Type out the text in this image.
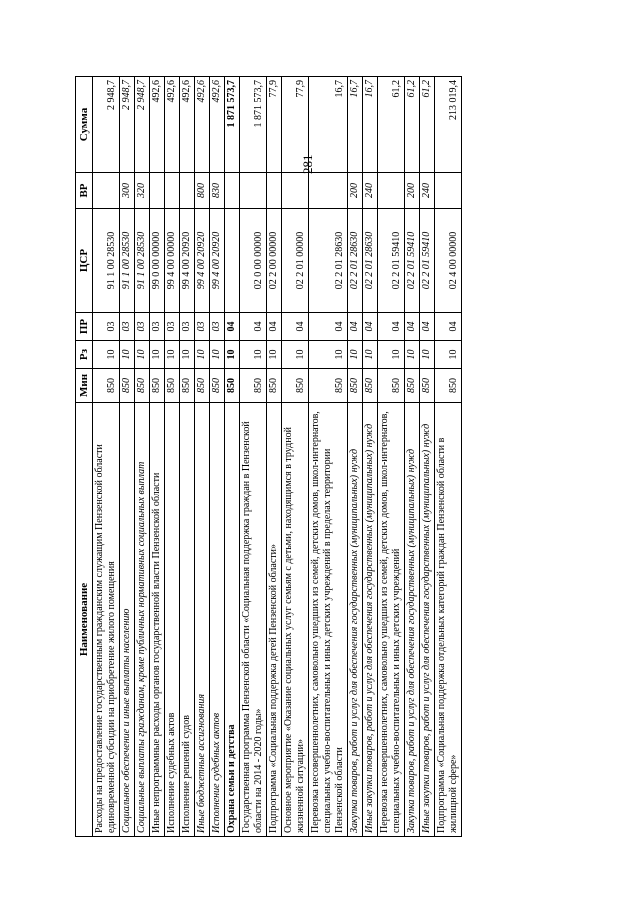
281
Наименование	Мин	Рз	ПР	ЦСР	ВР	Сумма
Расходы на предоставление государственным гражданским служащим Пензенской области единовременной субсидии на приобретение жилого помещения	850	10	03	91 1 00 28530		2 948,7
Социальное обеспечение и иные выплаты населению	850	10	03	91 1 00 28530	300	2 948,7
Социальные выплаты гражданам, кроме публичных нормативных социальных выплат	850	10	03	91 1 00 28530	320	2 948,7
Иные непрограммные расходы органов государственной власти Пензенской области	850	10	03	99 0 00 00000		492,6
Исполнение судебных актов	850	10	03	99 4 00 00000		492,6
Исполнение решений судов	850	10	03	99 4 00 20920		492,6
Иные бюджетные ассигнования	850	10	03	99 4 00 20920	800	492,6
Исполнение судебных актов	850	10	03	99 4 00 20920	830	492,6
Охрана семьи и детства	850	10	04			1 871 573,7
Государственная программа Пензенской области «Социальная поддержка граждан в Пензенской области на 2014 - 2020 годы»	850	10	04	02 0 00 00000		1 871 573,7
Подпрограмма «Социальная поддержка детей Пензенской области»	850	10	04	02 2 00 00000		77,9
Основное мероприятие «Оказание социальных услуг семьям с детьми, находящимся в трудной жизненной ситуации»	850	10	04	02 2 01 00000		77,9
Перевозка несовершеннолетних, самовольно ушедших из семей, детских домов, школ-интернатов, специальных учебно-воспитательных и иных детских учреждений в пределах территории Пензенской области	850	10	04	02 2 01 28630		16,7
Закупка товаров, работ и услуг для обеспечения государственных (муниципальных) нужд	850	10	04	02 2 01 28630	200	16,7
Иные закупки товаров, работ и услуг для обеспечения государственных (муниципальных) нужд	850	10	04	02 2 01 28630	240	16,7
Перевозка несовершеннолетних, самовольно ушедших из семей, детских домов, школ-интернатов, специальных учебно-воспитательных и иных детских учреждений	850	10	04	02 2 01 59410		61,2
Закупка товаров, работ и услуг для обеспечения государственных (муниципальных) нужд	850	10	04	02 2 01 59410	200	61,2
Иные закупки товаров, работ и услуг для обеспечения государственных (муниципальных) нужд	850	10	04	02 2 01 59410	240	61,2
Подпрограмма «Социальная поддержка отдельных категорий граждан Пензенской области в жилищной сфере»	850	10	04	02 4 00 00000		213 019,4
